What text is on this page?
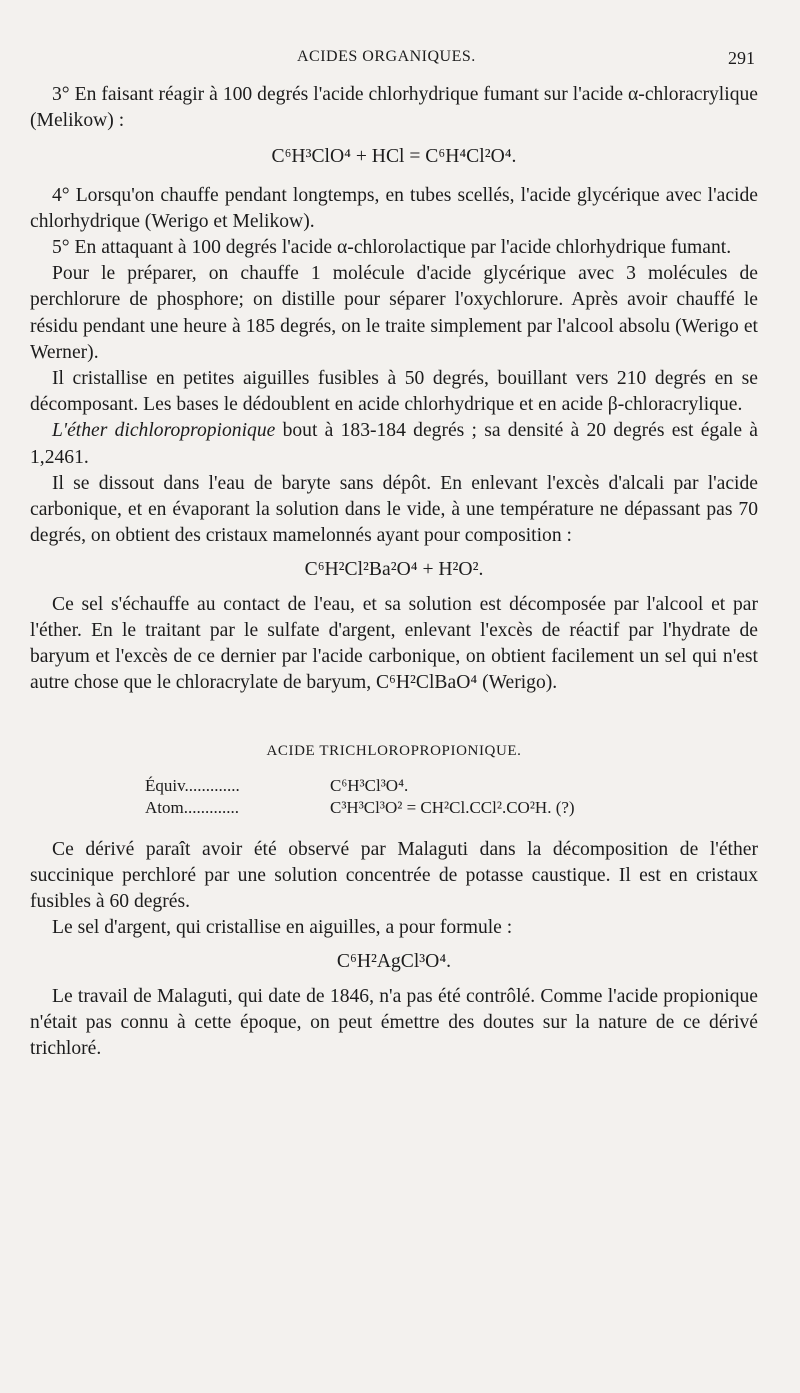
ACIDES ORGANIQUES.	291

3° En faisant réagir à 100 degrés l'acide chlorhydrique fumant sur l'acide α-chloracrylique (Melikow) :

C⁶H³ClO⁴ + HCl = C⁶H⁴Cl²O⁴.

4° Lorsqu'on chauffe pendant longtemps, en tubes scellés, l'acide glycérique avec l'acide chlorhydrique (Werigo et Melikow).

5° En attaquant à 100 degrés l'acide α-chlorolactique par l'acide chlorhydrique fumant.

Pour le préparer, on chauffe 1 molécule d'acide glycérique avec 3 molécules de perchlorure de phosphore; on distille pour séparer l'oxychlorure. Après avoir chauffé le résidu pendant une heure à 185 degrés, on le traite simplement par l'alcool absolu (Werigo et Werner).

Il cristallise en petites aiguilles fusibles à 50 degrés, bouillant vers 210 degrés en se décomposant. Les bases le dédoublent en acide chlorhydrique et en acide β-chloracrylique.

L'éther dichloropropionique bout à 183-184 degrés ; sa densité à 20 degrés est égale à 1,2461.

Il se dissout dans l'eau de baryte sans dépôt. En enlevant l'excès d'alcali par l'acide carbonique, et en évaporant la solution dans le vide, à une température ne dépassant pas 70 degrés, on obtient des cristaux mamelonnés ayant pour composition :

C⁶H²Cl²Ba²O⁴ + H²O².

Ce sel s'échauffe au contact de l'eau, et sa solution est décomposée par l'alcool et par l'éther. En le traitant par le sulfate d'argent, enlevant l'excès de réactif par l'hydrate de baryum et l'excès de ce dernier par l'acide carbonique, on obtient facilement un sel qui n'est autre chose que le chloracrylate de baryum, C⁶H²ClBaO⁴ (Werigo).

ACIDE TRICHLOROPROPIONIQUE.
Équiv.............	C⁶H³Cl³O⁴.
Atom.............	C³H³Cl³O² = CH²Cl.CCl².CO²H. (?)

Ce dérivé paraît avoir été observé par Malaguti dans la décomposition de l'éther succinique perchloré par une solution concentrée de potasse caustique. Il est en cristaux fusibles à 60 degrés.

Le sel d'argent, qui cristallise en aiguilles, a pour formule :

C⁶H²AgCl³O⁴.

Le travail de Malaguti, qui date de 1846, n'a pas été contrôlé. Comme l'acide propionique n'était pas connu à cette époque, on peut émettre des doutes sur la nature de ce dérivé trichloré.
